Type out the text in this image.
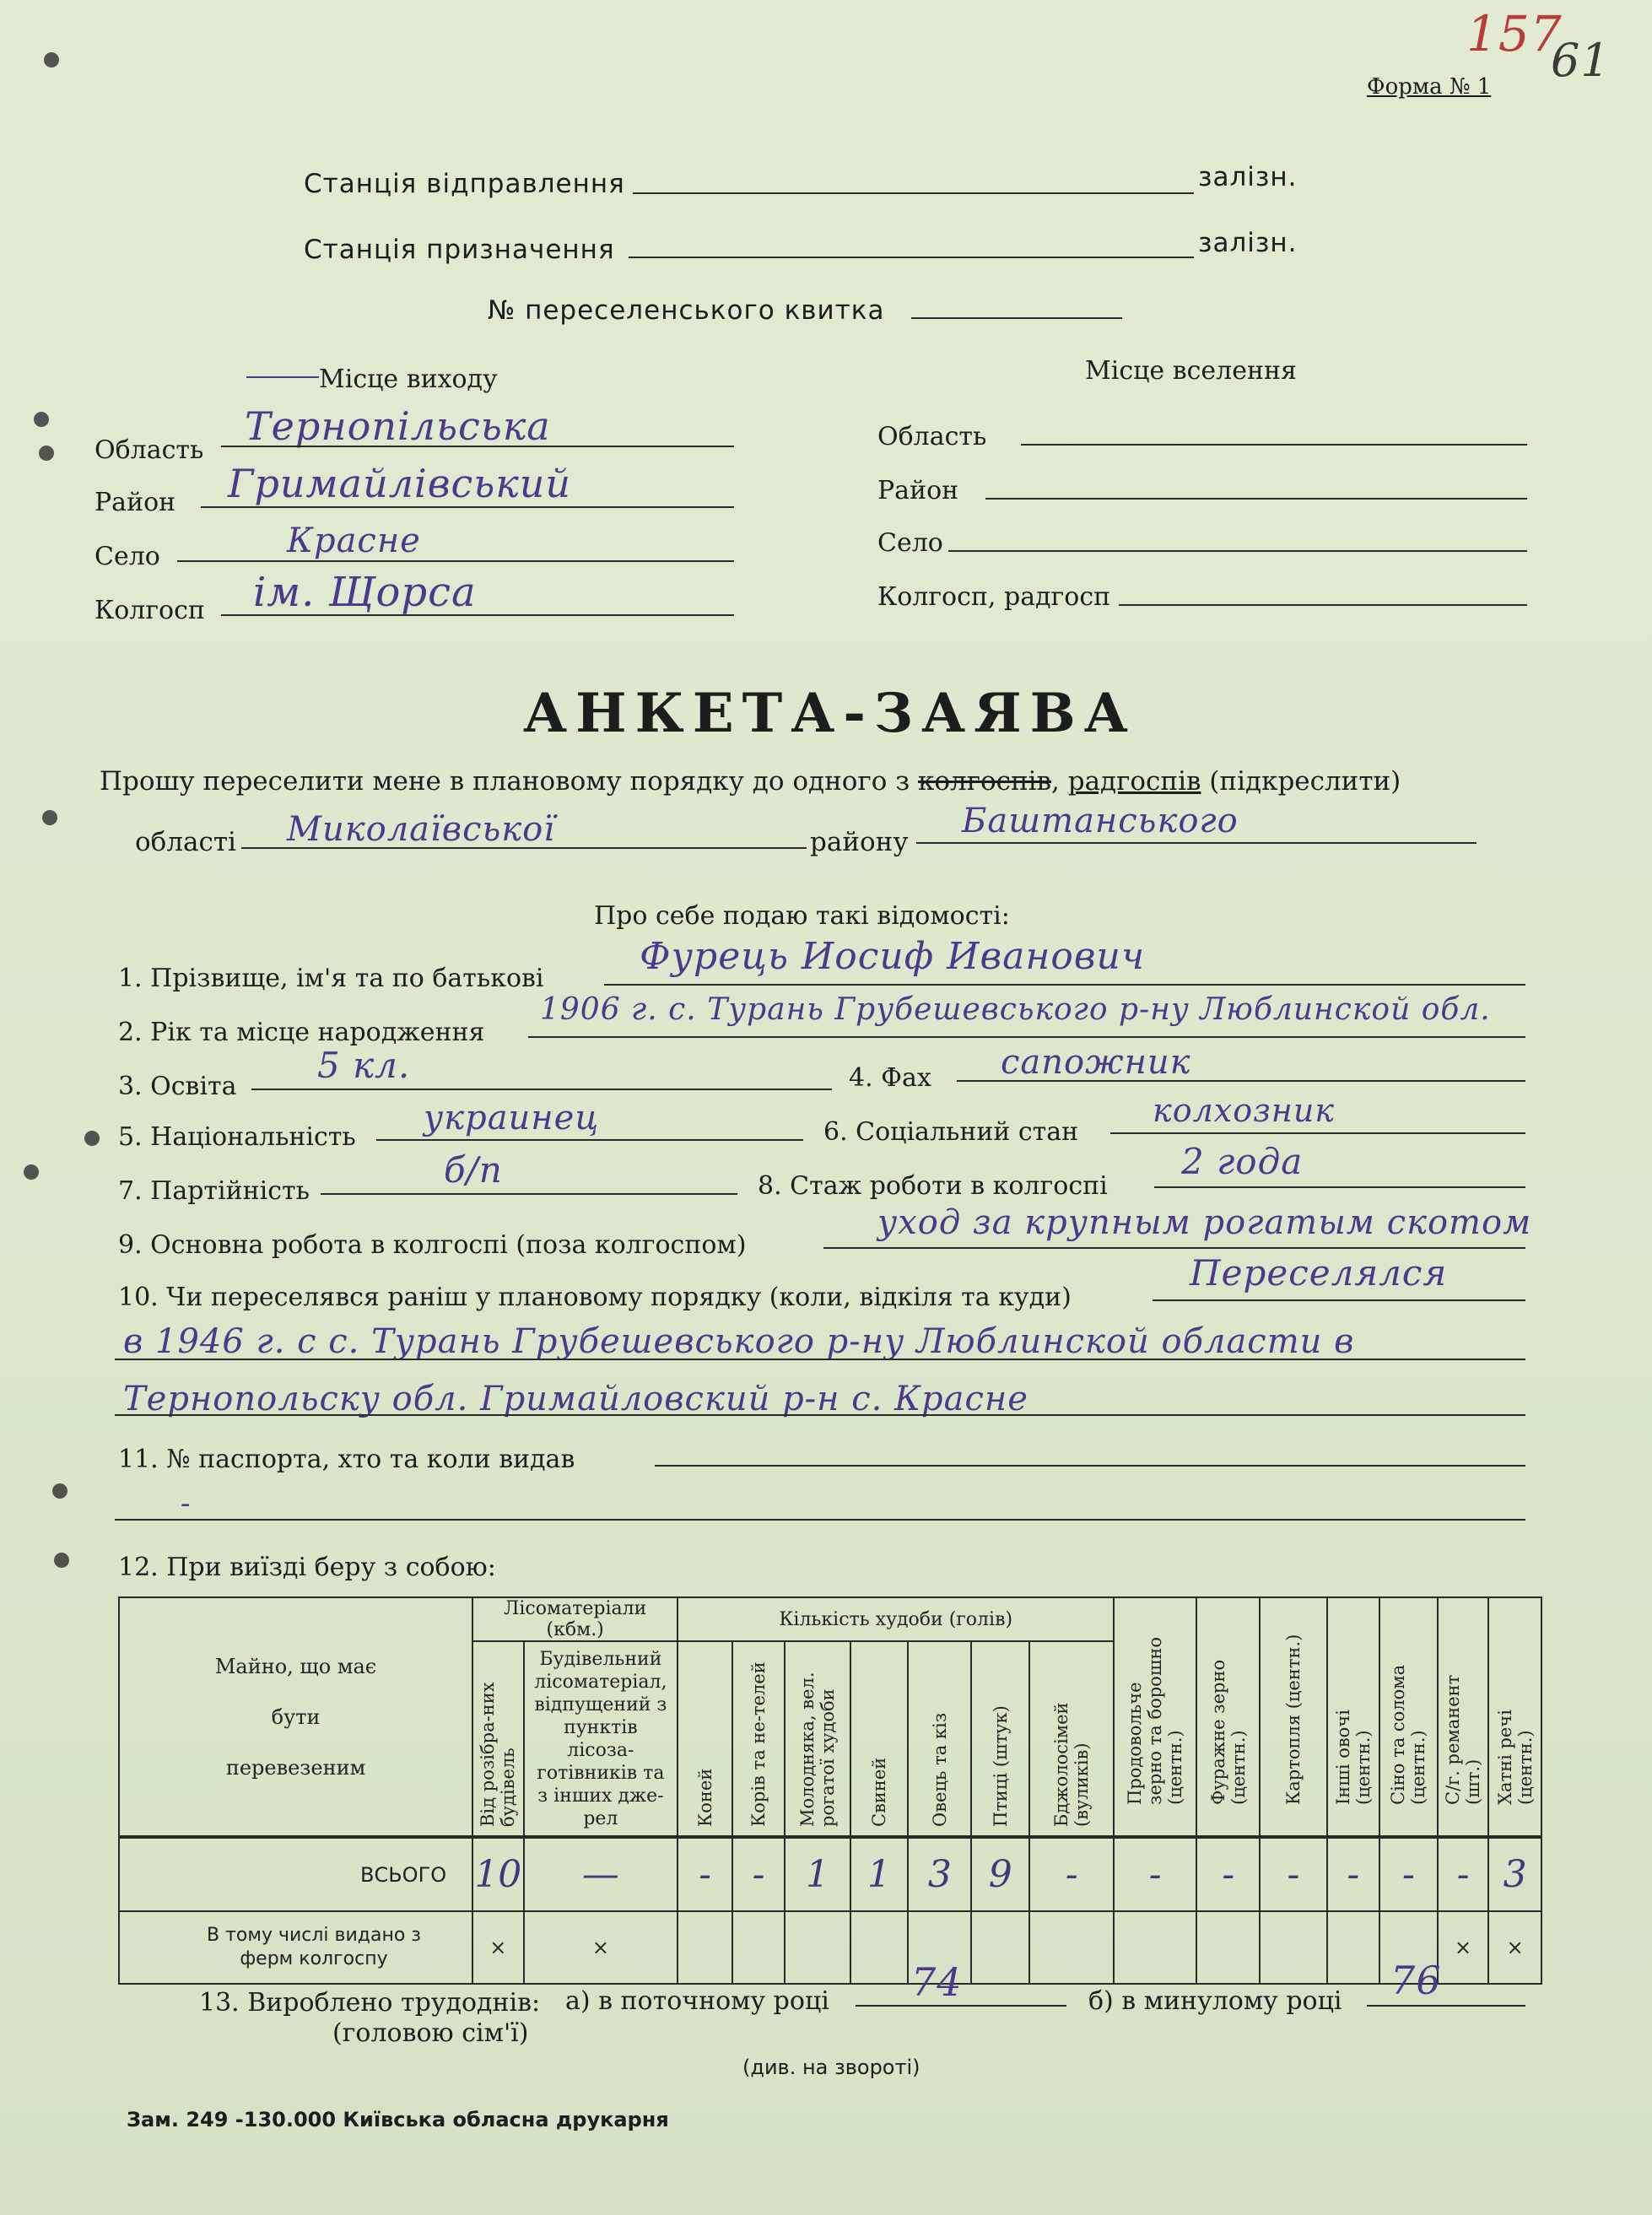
157
61
Форма № 1
Станція відправлення	залізн.
Станція призначення	залізн.
№ переселенського квитка
Місце виходу
Область
Тернопільська
Район Гримайлівський
Село	Красне
Колгосп ім. Щорса
Місце вселення
Область
Район
Село
Колгосп, радгосп
АНКЕТА-ЗАЯВА
Прошу переселити мене в плановому порядку до одного з колгоспів, радгоспів (підкреслити)
області Миколаївської	району
Баштанського
Про себе подаю такі відомості:
1. Прізвище, ім'я та по батькові
Фурець Иосиф Иванович
2. Рік та місце народження
1906 г. с. Турань Грубешевського р-ну Люблинской обл.
3. Освіта
5 кл.	4. Фах сапожник
5. Національність украинец	6. Соціальний стан
колхозник
7. Партійність
б/п	8. Стаж роботи в колгоспі
2 года
9. Основна робота в колгоспі (поза колгоспом)
уход за крупным рогатым скотом
10. Чи переселявся раніш у плановому порядку (коли, відкіля та куди)
Переселялся
в 1946 г. с с. Турань Грубешевського р-ну Люблинской области в Тернопольску обл. Гримайловский р-н с. Красне
11. № паспорта, хто та коли видав
-
12. При виїзді беру з собою:
Майно, що має бути перевезеним	Лісоматеріали (кбм.)		Кількість худоби (голів)							Продовольче зерно та борошно (центн.)	Фуражне зерно (центн.)	Картопля (центн.)	Інші овочі (центн.)	Сіно та солома (центн.)	С/г. реманент (шт.)	Хатні речі (центн.)

	Від розібра-них будівель	Будівельний лісоматеріал, відпущений з пунктів лісоза-готівників та з інших дже-рел	Коней	Корів та не-телей	Молодняка, вел. рогатої худоби	Свиней	Овець та кіз	Птиці (штук)	Бджолосімей (вуликів)							

ВСЬОГО	10	—	-	-	1	1	3	9	-	-	-	-	-	-	-	3

В тому числі видано з ферм колгоспу	×	×													×	×
13. Вироблено трудоднів:
(головою сім'ї)
а) в поточному році 74	б) в минулому році 76
(див. на звороті)
Зам. 249 -130.000 Київська обласна друкарня
